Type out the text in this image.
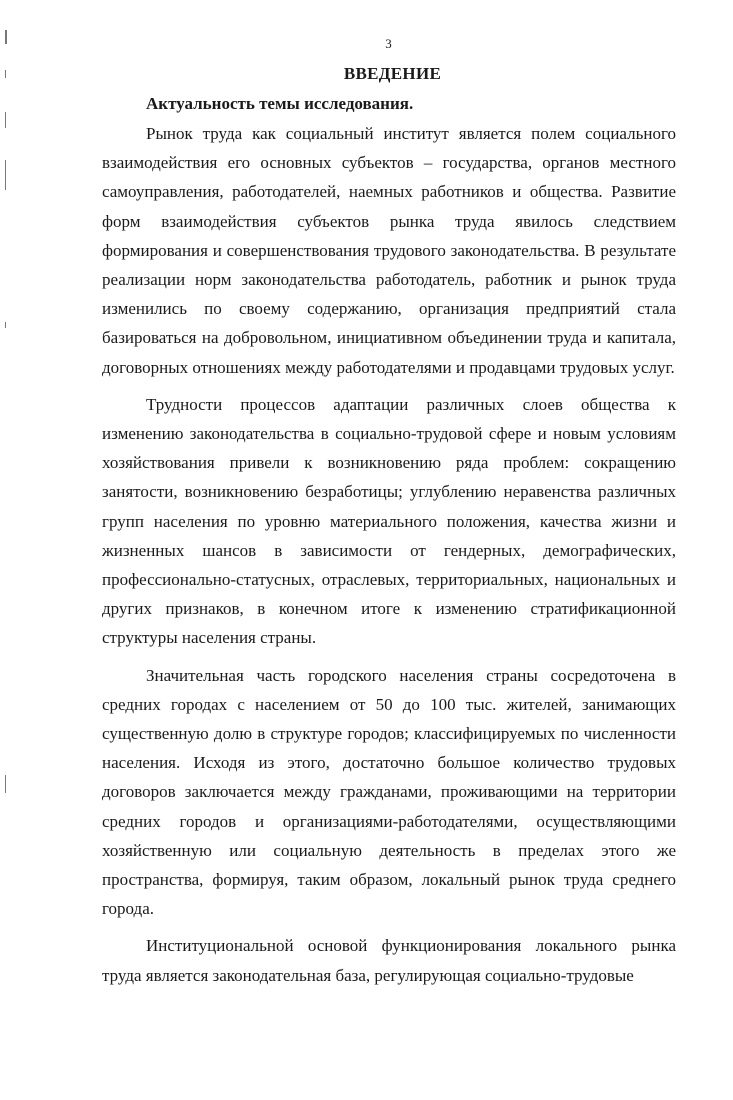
3
ВВЕДЕНИЕ
Актуальность темы исследования.

Рынок труда как социальный институт является полем социального взаимодействия его основных субъектов – государства, органов местного самоуправления, работодателей, наемных работников и общества. Развитие форм взаимодействия субъектов рынка труда явилось следствием формирования и совершенствования трудового законодательства. В результате реализации норм законодательства работодатель, работник и рынок труда изменились по своему содержанию, организация предприятий стала базироваться на добровольном, инициативном объединении труда и капитала, договорных отношениях между работодателями и продавцами трудовых услуг.

Трудности процессов адаптации различных слоев общества к изменению законодательства в социально-трудовой сфере и новым условиям хозяйствования привели к возникновению ряда проблем: сокращению занятости, возникновению безработицы; углублению неравенства различных групп населения по уровню материального положения, качества жизни и жизненных шансов в зависимости от гендерных, демографических, профессионально-статусных, отраслевых, территориальных, национальных и других признаков, в конечном итоге к изменению стратификационной структуры населения страны.

Значительная часть городского населения страны сосредоточена в средних городах с населением от 50 до 100 тыс. жителей, занимающих существенную долю в структуре городов; классифицируемых по численности населения. Исходя из этого, достаточно большое количество трудовых договоров заключается между гражданами, проживающими на территории средних городов и организациями-работодателями, осуществляющими хозяйственную или социальную деятельность в пределах этого же пространства, формируя, таким образом, локальный рынок труда среднего города.

Институциональной основой функционирования локального рынка труда является законодательная база, регулирующая социально-трудовые
